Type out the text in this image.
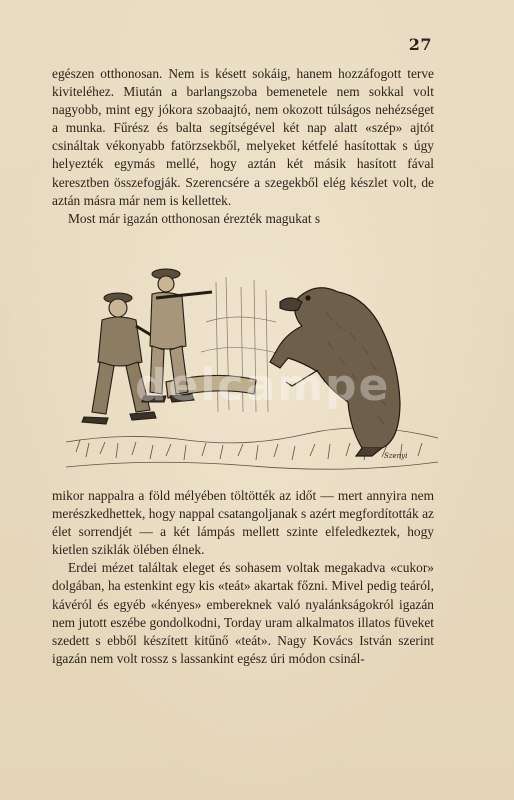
27

egészen otthonosan. Nem is késett sokáig, hanem hozzáfogott terve kiviteléhez. Miután a barlangszoba bemenetele nem sokkal volt nagyobb, mint egy jókora szobaajtó, nem okozott túlságos nehézséget a munka. Fűrész és balta segítségével két nap alatt «szép» ajtót csináltak vékonyabb fatörzsekből, melyeket kétfelé hasítottak s úgy helyezték egymás mellé, hogy aztán két másik hasított fával keresztben összefogják. Szerencsére a szegekből elég készlet volt, de aztán másra már nem is kellettek.

Most már igazán otthonosan érezték magukat s

Szenyi
delcampe

mikor nappalra a föld mélyében töltötték az időt — mert annyira nem merészkedhettek, hogy nappal csatangoljanak s azért megfordították az élet sorrendjét — a két lámpás mellett szinte elfeledkeztek, hogy kietlen sziklák ölében élnek.

Erdei mézet találtak eleget és sohasem voltak megakadva «cukor» dolgában, ha estenkint egy kis «teát» akartak főzni. Mivel pedig teáról, kávéról és egyéb «kényes» embereknek való nyalánkságokról igazán nem jutott eszébe gondolkodni, Torday uram alkalmatos illatos füveket szedett s ebből készített kitűnő «teát». Nagy Kovács István szerint igazán nem volt rossz s lassankint egész úri módon csinál-
